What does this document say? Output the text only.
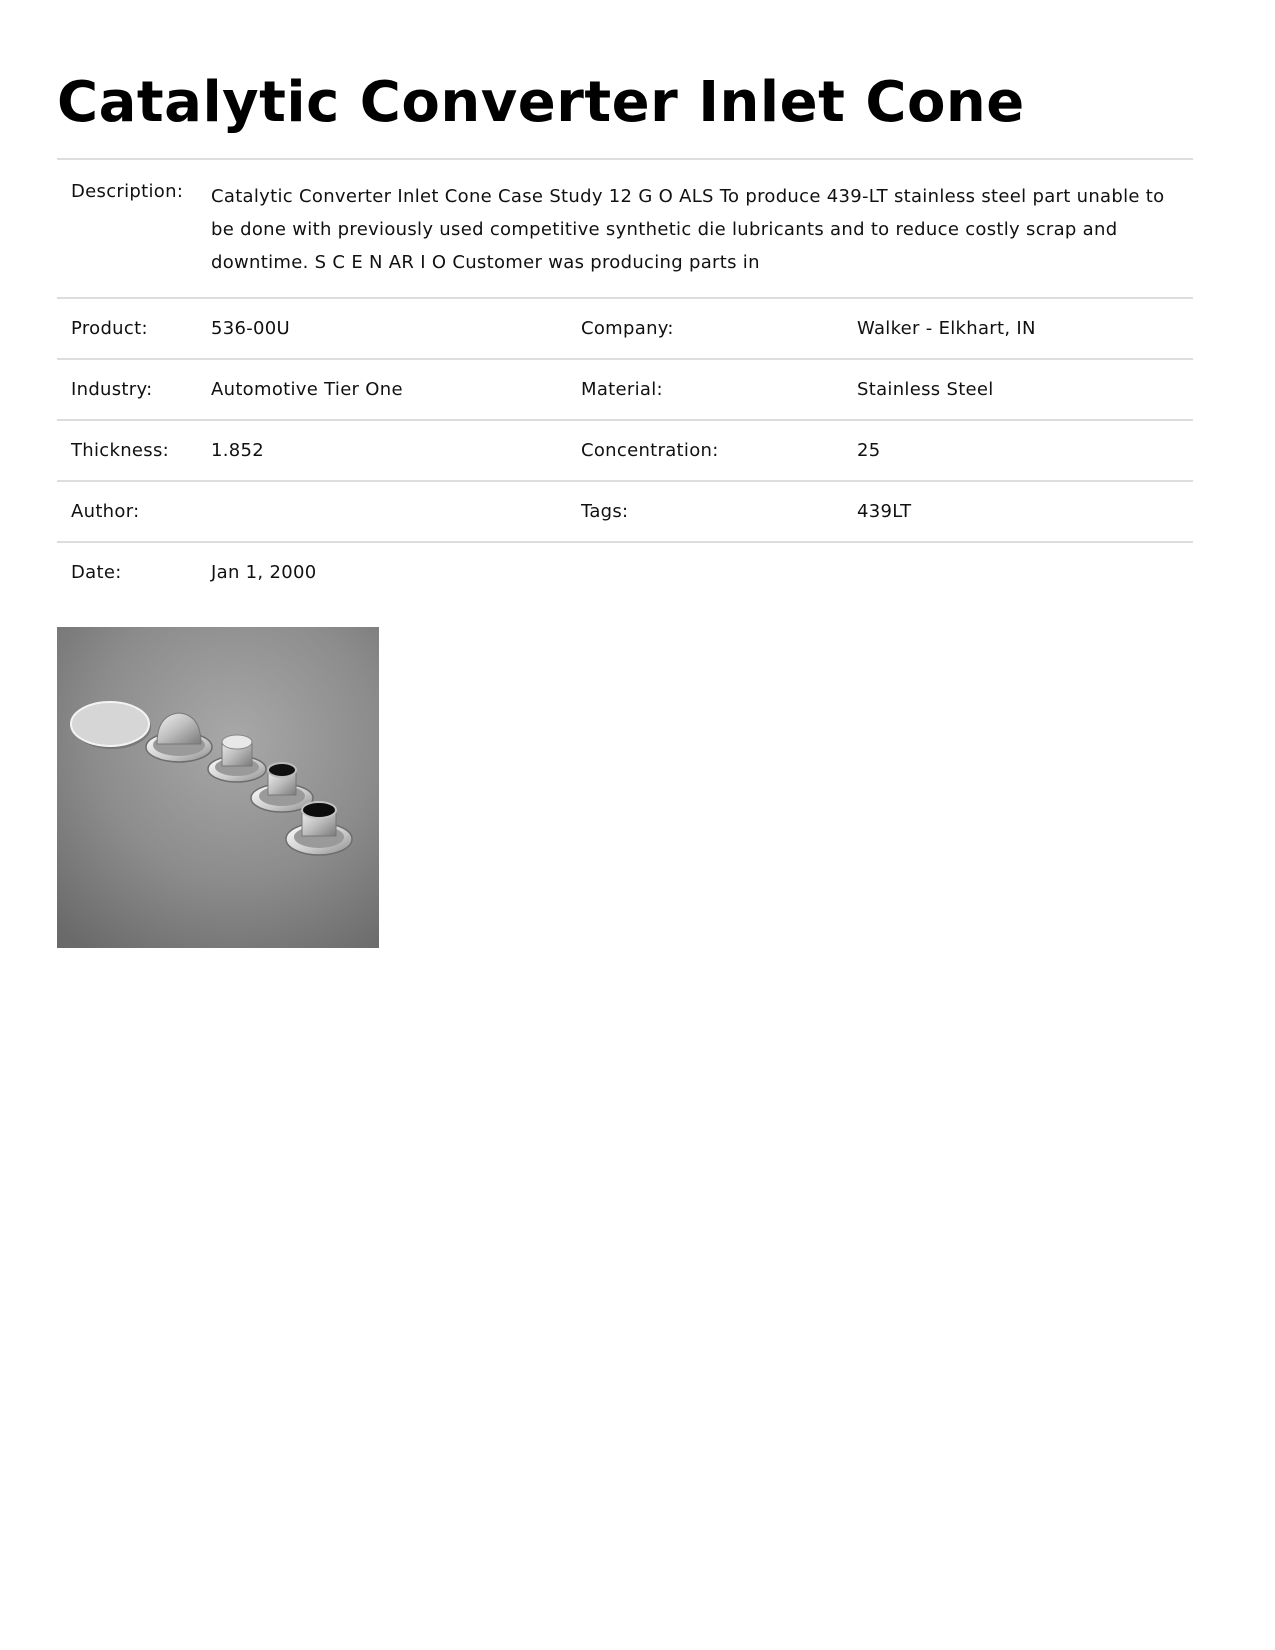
Catalytic Converter Inlet Cone
Description:	Catalytic Converter Inlet Cone Case Study 12 G O ALS To produce 439-LT stainless steel part unable to be done with previously used competitive synthetic die lubricants and to reduce costly scrap and downtime. S C E N AR I O Customer was producing parts in		
Product:	536-00U	Company:	Walker - Elkhart, IN
Industry:	Automotive Tier One	Material:	Stainless Steel
Thickness:	1.852	Concentration:	25
Author:		Tags:	439LT
Date:	Jan 1, 2000		
